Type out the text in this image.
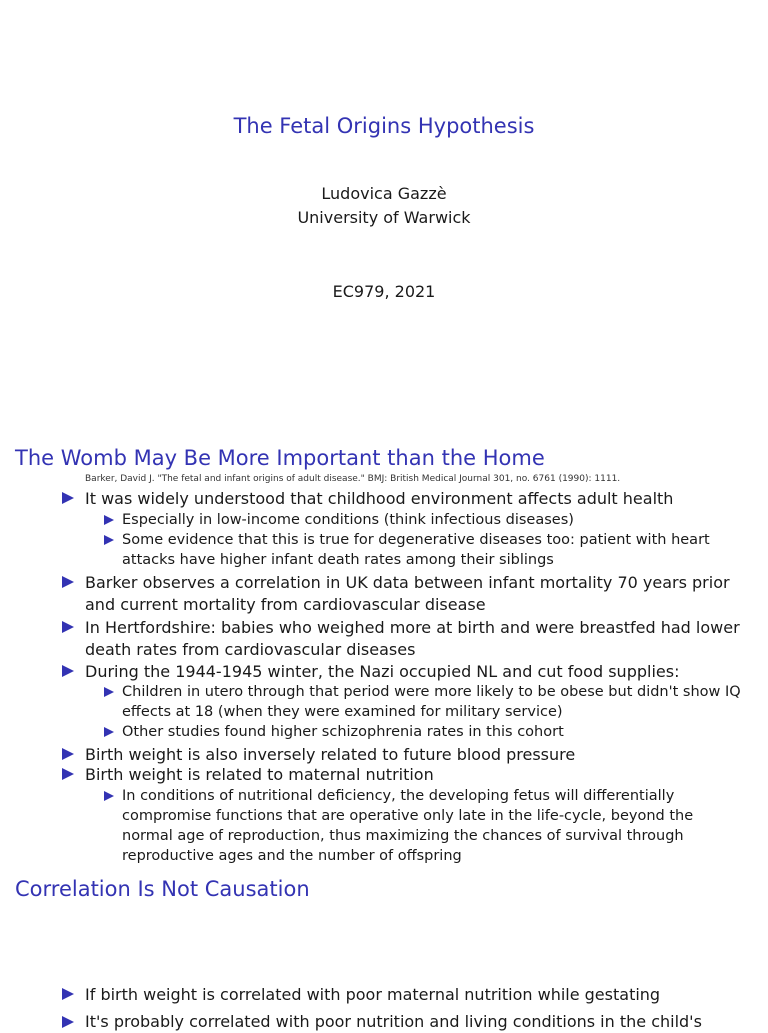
The Fetal Origins Hypothesis
Ludovica Gazzè
University of Warwick
EC979, 2021
The Womb May Be More Important than the Home
Barker, David J. "The fetal and infant origins of adult disease." BMJ: British Medical Journal 301, no. 6761 (1990): 1111.
It was widely understood that childhood environment affects adult health
Especially in low-income conditions (think infectious diseases)
Some evidence that this is true for degenerative diseases too: patient with heart attacks have higher infant death rates among their siblings
Barker observes a correlation in UK data between infant mortality 70 years prior and current mortality from cardiovascular disease
In Hertfordshire: babies who weighed more at birth and were breastfed had lower death rates from cardiovascular diseases
During the 1944-1945 winter, the Nazi occupied NL and cut food supplies:
Children in utero through that period were more likely to be obese but didn't show IQ effects at 18 (when they were examined for military service)
Other studies found higher schizophrenia rates in this cohort
Birth weight is also inversely related to future blood pressure
Birth weight is related to maternal nutrition
In conditions of nutritional deficiency, the developing fetus will differentially compromise functions that are operative only late in the life-cycle, beyond the normal age of reproduction, thus maximizing the chances of survival through reproductive ages and the number of offspring
Correlation Is Not Causation
If birth weight is correlated with poor maternal nutrition while gestating
It's probably correlated with poor nutrition and living conditions in the child's
